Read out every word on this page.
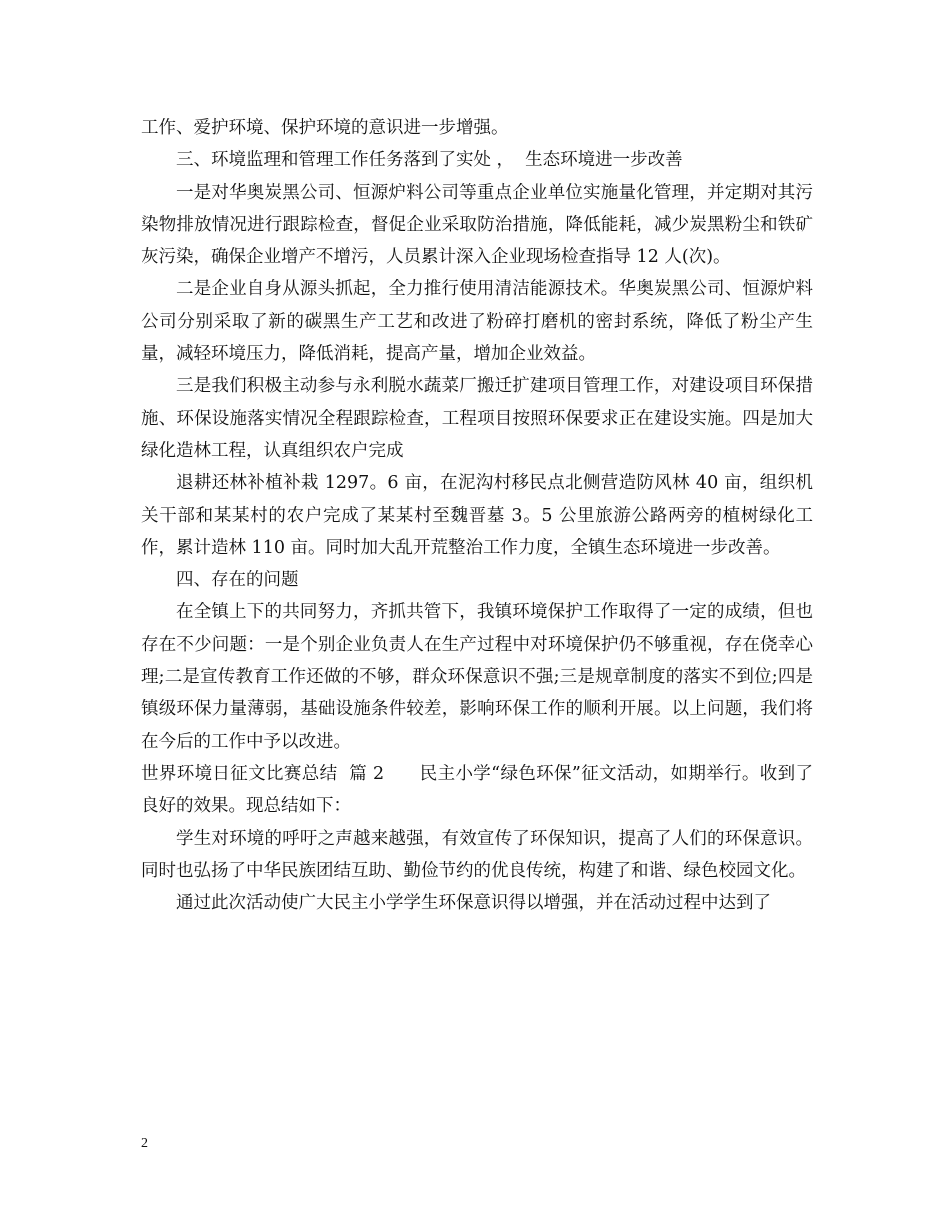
工作、爱护环境、保护环境的意识进一步增强。

三、环境监理和管理工作任务落到了实处 ，  生态环境进一步改善

一是对华奥炭黑公司、恒源炉料公司等重点企业单位实施量化管理，并定期对其污染物排放情况进行跟踪检查，督促企业采取防治措施，降低能耗，减少炭黑粉尘和铁矿灰污染，确保企业增产不增污，人员累计深入企业现场检查指导 12 人(次)。

二是企业自身从源头抓起，全力推行使用清洁能源技术。华奥炭黑公司、恒源炉料公司分别采取了新的碳黑生产工艺和改进了粉碎打磨机的密封系统，降低了粉尘产生量，减轻环境压力，降低消耗，提高产量，增加企业效益。

三是我们积极主动参与永利脱水蔬菜厂搬迁扩建项目管理工作，对建设项目环保措施、环保设施落实情况全程跟踪检查，工程项目按照环保要求正在建设实施。四是加大绿化造林工程，认真组织农户完成

退耕还林补植补栽 1297。6 亩，在泥沟村移民点北侧营造防风林 40 亩，组织机关干部和某某村的农户完成了某某村至魏晋墓 3。5 公里旅游公路两旁的植树绿化工作，累计造林 110 亩。同时加大乱开荒整治工作力度，全镇生态环境进一步改善。

四、存在的问题

在全镇上下的共同努力，齐抓共管下，我镇环境保护工作取得了一定的成绩，但也存在不少问题：一是个别企业负责人在生产过程中对环境保护仍不够重视，存在侥幸心理;二是宣传教育工作还做的不够，群众环保意识不强;三是规章制度的落实不到位;四是镇级环保力量薄弱，基础设施条件较差，影响环保工作的顺利开展。以上问题，我们将在今后的工作中予以改进。

世界环境日征文比赛总结  篇 2      民主小学“绿色环保”征文活动，如期举行。收到了良好的效果。现总结如下：

学生对环境的呼吁之声越来越强，有效宣传了环保知识，提高了人们的环保意识。同时也弘扬了中华民族团结互助、勤俭节约的优良传统，构建了和谐、绿色校园文化。

通过此次活动使广大民主小学学生环保意识得以增强，并在活动过程中达到了

2
